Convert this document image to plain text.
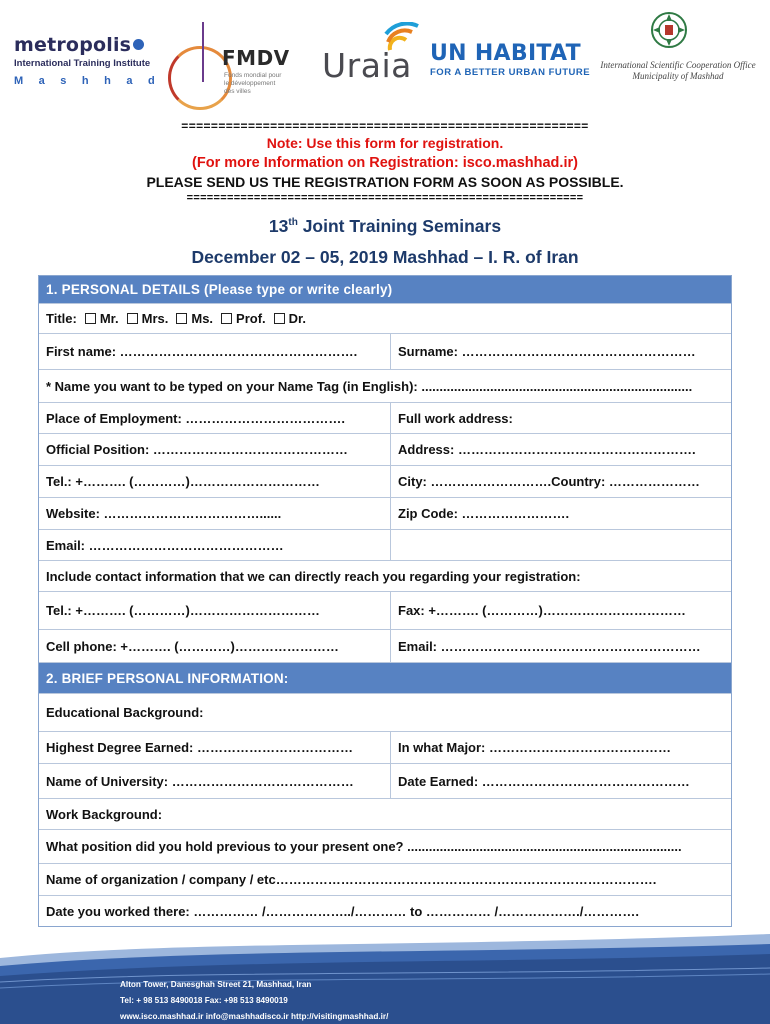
metropolis
International Training Institute
Mashhad
FMDV
Fonds mondial pour le développement des villes
Uraia UN HABITAT
FOR A BETTER URBAN FUTURE
International Scientific Cooperation Office Municipality of Mashhad
=======================================================
Note: Use this form for registration.
(For more Information on Registration: isco.mashhad.ir)
PLEASE SEND US THE REGISTRATION FORM AS SOON AS POSSIBLE.
===========================================================
13th Joint Training Seminars
December 02 – 05, 2019 Mashhad – I. R. of Iran
1. PERSONAL DETAILS (Please type or write clearly)
Title: Mr. Mrs. Ms. Prof. Dr.
First name: ……………………………………………….	Surname: ………………………………………………
* Name you want to be typed on your Name Tag (in English): ...........................................................................
Place of Employment: ……………………………….	Full work address:
Official Position: ………………………………………	Address: ……………………………………………….
Tel.: +………. (…………)…………………………	City: ……………………….Country: …………………
Website: ………………………………......	Zip Code: …………………….
Email: ………………………………………
Include contact information that we can directly reach you regarding your registration:
Tel.: +………. (…………)…………………………	Fax: +………. (…………)……………………………
Cell phone: +………. (…………)……………………	Email: ……………………………………………………
2. BRIEF PERSONAL INFORMATION:
Educational Background:
Highest Degree Earned: ………………………………	In what Major: ……………………………………
Name of University: ……………………………………	Date Earned: …………………………………………
Work Background:
What position did you hold previous to your present one? ............................................................................
Name of organization / company / etc…………………………………………………………………………….
Date you worked there: …………… /………………../………… to …………… /………………./………….
Alton Tower, Danesghah Street 21, Mashhad, Iran
Tel: + 98 513 8490018 Fax: +98 513 8490019
www.isco.mashhad.ir info@mashhadisco.ir http://visitingmashhad.ir/
